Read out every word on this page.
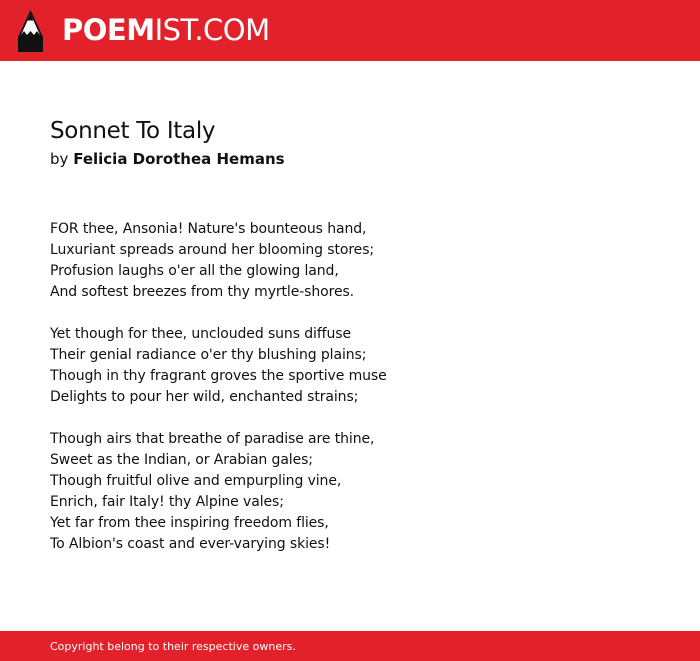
POEMIST.COM
Sonnet To Italy
by Felicia Dorothea Hemans
FOR thee, Ansonia! Nature's bounteous hand,
Luxuriant spreads around her blooming stores;
Profusion laughs o'er all the glowing land,
And softest breezes from thy myrtle-shores.
Yet though for thee, unclouded suns diffuse
Their genial radiance o'er thy blushing plains;
Though in thy fragrant groves the sportive muse
Delights to pour her wild, enchanted strains;
Though airs that breathe of paradise are thine,
Sweet as the Indian, or Arabian gales;
Though fruitful olive and empurpling vine,
Enrich, fair Italy! thy Alpine vales;
Yet far from thee inspiring freedom flies,
To Albion's coast and ever-varying skies!
Copyright belong to their respective owners.
